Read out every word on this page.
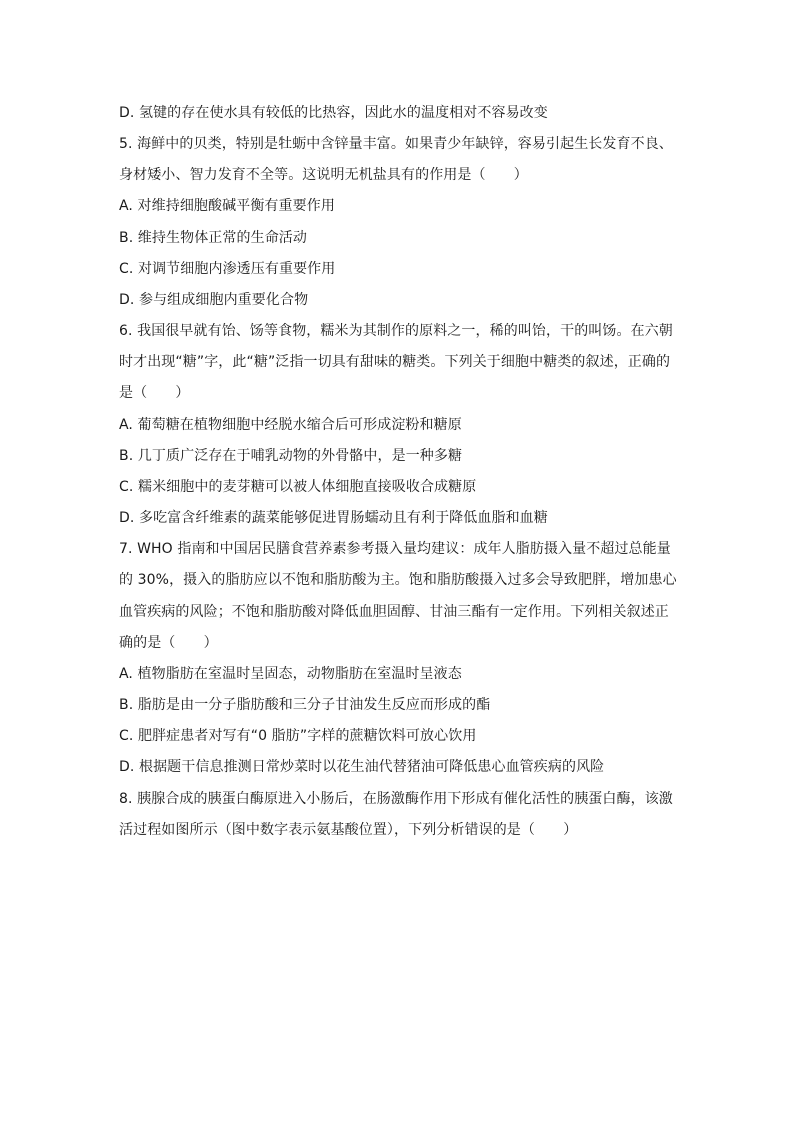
D. 氢键的存在使水具有较低的比热容，因此水的温度相对不容易改变
5. 海鲜中的贝类，特别是牡蛎中含锌量丰富。如果青少年缺锌，容易引起生长发育不良、
身材矮小、智力发育不全等。这说明无机盐具有的作用是（　　）
A. 对维持细胞酸碱平衡有重要作用
B. 维持生物体正常的生命活动
C. 对调节细胞内渗透压有重要作用
D. 参与组成细胞内重要化合物
6. 我国很早就有饴、饧等食物，糯米为其制作的原料之一，稀的叫饴，干的叫饧。在六朝
时才出现“糖”字，此“糖”泛指一切具有甜味的糖类。下列关于细胞中糖类的叙述，正确的
是（　　）
A. 葡萄糖在植物细胞中经脱水缩合后可形成淀粉和糖原
B. 几丁质广泛存在于哺乳动物的外骨骼中，是一种多糖
C. 糯米细胞中的麦芽糖可以被人体细胞直接吸收合成糖原
D. 多吃富含纤维素的蔬菜能够促进胃肠蠕动且有利于降低血脂和血糖
7. WHO 指南和中国居民膳食营养素参考摄入量均建议：成年人脂肪摄入量不超过总能量
的 30%，摄入的脂肪应以不饱和脂肪酸为主。饱和脂肪酸摄入过多会导致肥胖，增加患心
血管疾病的风险；不饱和脂肪酸对降低血胆固醇、甘油三酯有一定作用。下列相关叙述正
确的是（　　）
A. 植物脂肪在室温时呈固态，动物脂肪在室温时呈液态
B. 脂肪是由一分子脂肪酸和三分子甘油发生反应而形成的酯
C. 肥胖症患者对写有“0 脂肪”字样的蔗糖饮料可放心饮用
D. 根据题干信息推测日常炒菜时以花生油代替猪油可降低患心血管疾病的风险
8. 胰腺合成的胰蛋白酶原进入小肠后，在肠激酶作用下形成有催化活性的胰蛋白酶，该激
活过程如图所示（图中数字表示氨基酸位置），下列分析错误的是（　　）
